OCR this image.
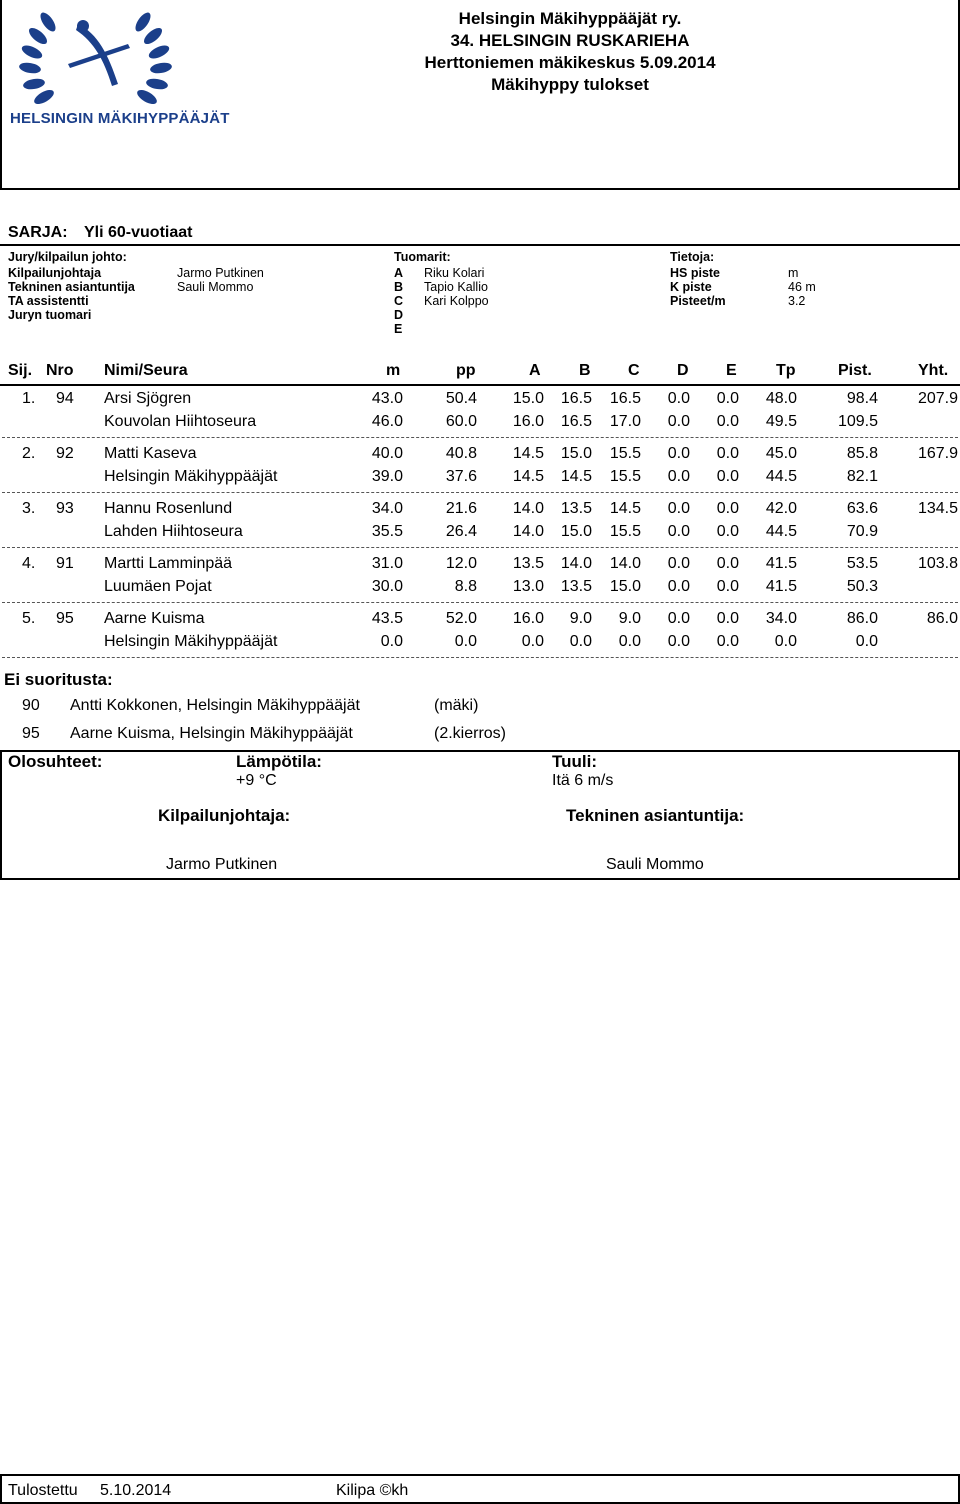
HELSINGIN MÄKIHYPPÄÄJÄT
Helsingin Mäkihyppääjät ry.
34. HELSINGIN RUSKARIEHA
Herttoniemen mäkikeskus 5.09.2014
Mäkihyppy tulokset
SARJA: Yli 60-vuotiaat
Jury/kilpailun johto:
Kilpailunjohtaja	Jarmo Putkinen
Tekninen asiantuntija	Sauli Mommo
TA assistentti
Juryn tuomari
Tuomarit:
A Riku Kolari
B Tapio Kallio
C Kari Kolppo
D
E
Tietoja:
HS piste	m
K piste	46 m
Pisteet/m	3.2
Sij. Nro Nimi/Seura	m	pp	A B C D E Tp	Pist.	Yht.
1. 94 Arsi Sjögren
Kouvolan Hiihtoseura
43.0	50.4 15.0 16.5 16.5 0.0 0.0 48.0	98.4
46.0	60.0 16.0 16.5 17.0 0.0 0.0 49.5	109.5
207.9
2. 92 Matti Kaseva
Helsingin Mäkihyppääjät
40.0	40.8 14.5 15.0 15.5 0.0 0.0 45.0	85.8
39.0	37.6 14.5 14.5 15.5 0.0 0.0 44.5	82.1
167.9
3. 93 Hannu Rosenlund
Lahden Hiihtoseura
34.0	21.6 14.0 13.5 14.5 0.0 0.0 42.0	63.6
35.5	26.4 14.0 15.0 15.5 0.0 0.0 44.5	70.9
134.5
4. 91 Martti Lamminpää
Luumäen Pojat
31.0	12.0 13.5 14.0 14.0 0.0 0.0 41.5	53.5
30.0	8.8 13.0 13.5 15.0 0.0 0.0 41.5	50.3
103.8
5. 95 Aarne Kuisma
Helsingin Mäkihyppääjät
43.5	52.0 16.0 9.0 9.0 0.0 0.0 34.0	86.0
0.0	0.0	0.0 0.0 0.0 0.0 0.0 0.0	0.0
86.0
Ei suoritusta:
90 Antti Kokkonen, Helsingin Mäkihyppääjät	(mäki)
95 Aarne Kuisma, Helsingin Mäkihyppääjät	(2.kierros)
Olosuhteet:	Lämpötila:
+9 °C
Tuuli:
Itä 6 m/s
Kilpailunjohtaja:
Jarmo Putkinen
Tekninen asiantuntija:
Sauli Mommo
Tulostettu 5.10.2014	Kilipa ©kh
